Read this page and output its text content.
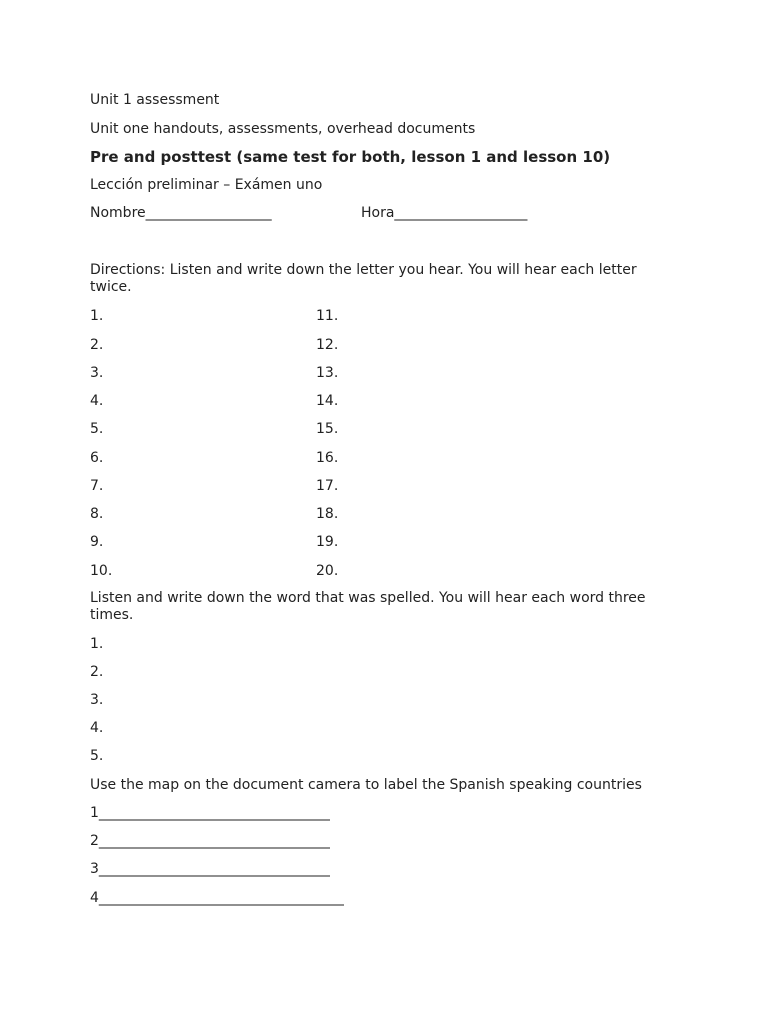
Unit 1 assessment
Unit one handouts, assessments, overhead documents
Pre and posttest (same test for both, lesson 1 and lesson 10)
Lección preliminar – Exámen uno
Nombre__________________	Hora___________________
Directions: Listen and write down the letter you hear. You will hear each letter twice.
1.
2.
3.
4.
5.
6.
7.
8.
9.
10.
11.
12.
13.
14.
15.
16.
17.
18.
19.
20.
Listen and write down the word that was spelled. You will hear each word three times.
1.
2.
3.
4.
5.
Use the map on the document camera to label the Spanish speaking countries
1_________________________________
2_________________________________
3_________________________________
4___________________________________
